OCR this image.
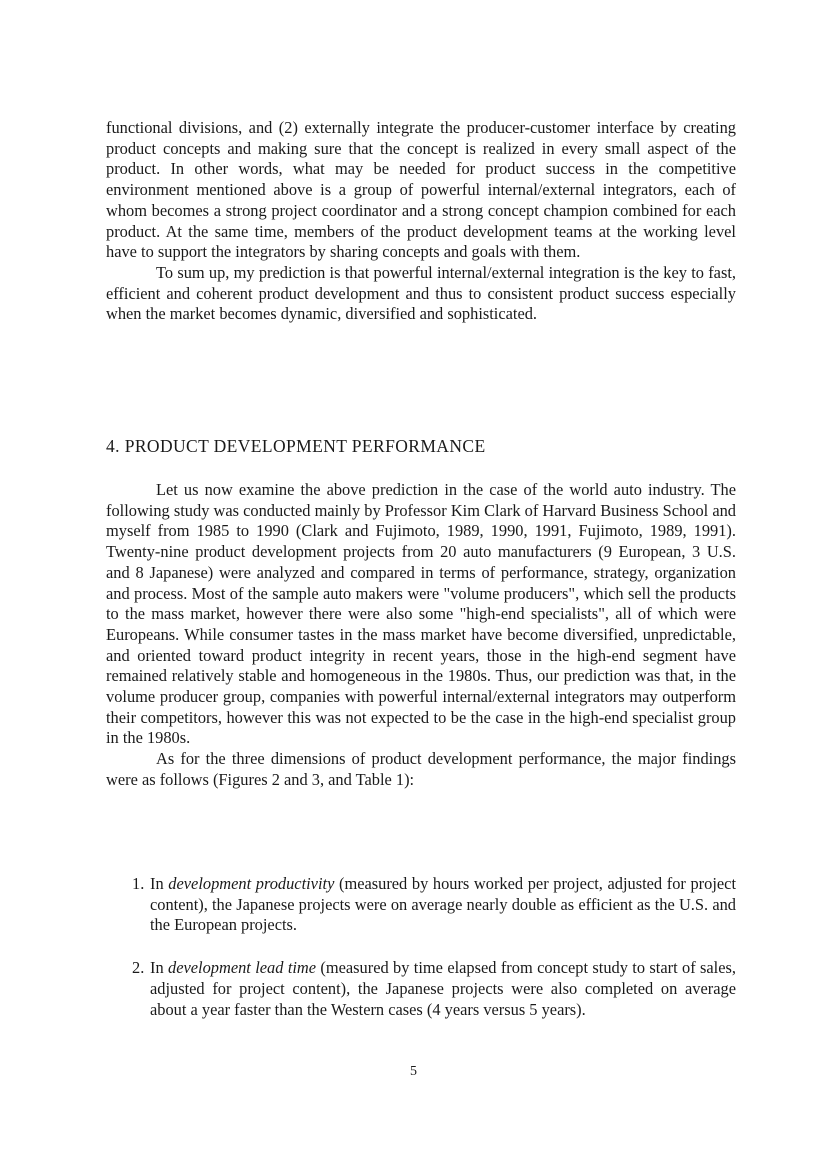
functional divisions, and (2) externally integrate the producer-customer interface by creating product concepts and making sure that the concept is realized in every small aspect of the product. In other words, what may be needed for product success in the competitive environment mentioned above is a group of powerful internal/external integrators, each of whom becomes a strong project coordinator and a strong concept champion combined for each product. At the same time, members of the product development teams at the working level have to support the integrators by sharing concepts and goals with them.

To sum up, my prediction is that powerful internal/external integration is the key to fast, efficient and coherent product development and thus to consistent product success especially when the market becomes dynamic, diversified and sophisticated.

4. PRODUCT DEVELOPMENT PERFORMANCE

Let us now examine the above prediction in the case of the world auto industry. The following study was conducted mainly by Professor Kim Clark of Harvard Business School and myself from 1985 to 1990 (Clark and Fujimoto, 1989, 1990, 1991, Fujimoto, 1989, 1991). Twenty-nine product development projects from 20 auto manufacturers (9 European, 3 U.S. and 8 Japanese) were analyzed and compared in terms of performance, strategy, organization and process. Most of the sample auto makers were "volume producers", which sell the products to the mass market, however there were also some "high-end specialists", all of which were Europeans. While consumer tastes in the mass market have become diversified, unpredictable, and oriented toward product integrity in recent years, those in the high-end segment have remained relatively stable and homogeneous in the 1980s. Thus, our prediction was that, in the volume producer group, companies with powerful internal/external integrators may outperform their competitors, however this was not expected to be the case in the high-end specialist group in the 1980s.

As for the three dimensions of product development performance, the major findings were as follows (Figures 2 and 3, and Table 1):

1. In development productivity (measured by hours worked per project, adjusted for project content), the Japanese projects were on average nearly double as efficient as the U.S. and the European projects.

2. In development lead time (measured by time elapsed from concept study to start of sales, adjusted for project content), the Japanese projects were also completed on average about a year faster than the Western cases (4 years versus 5 years).

5
